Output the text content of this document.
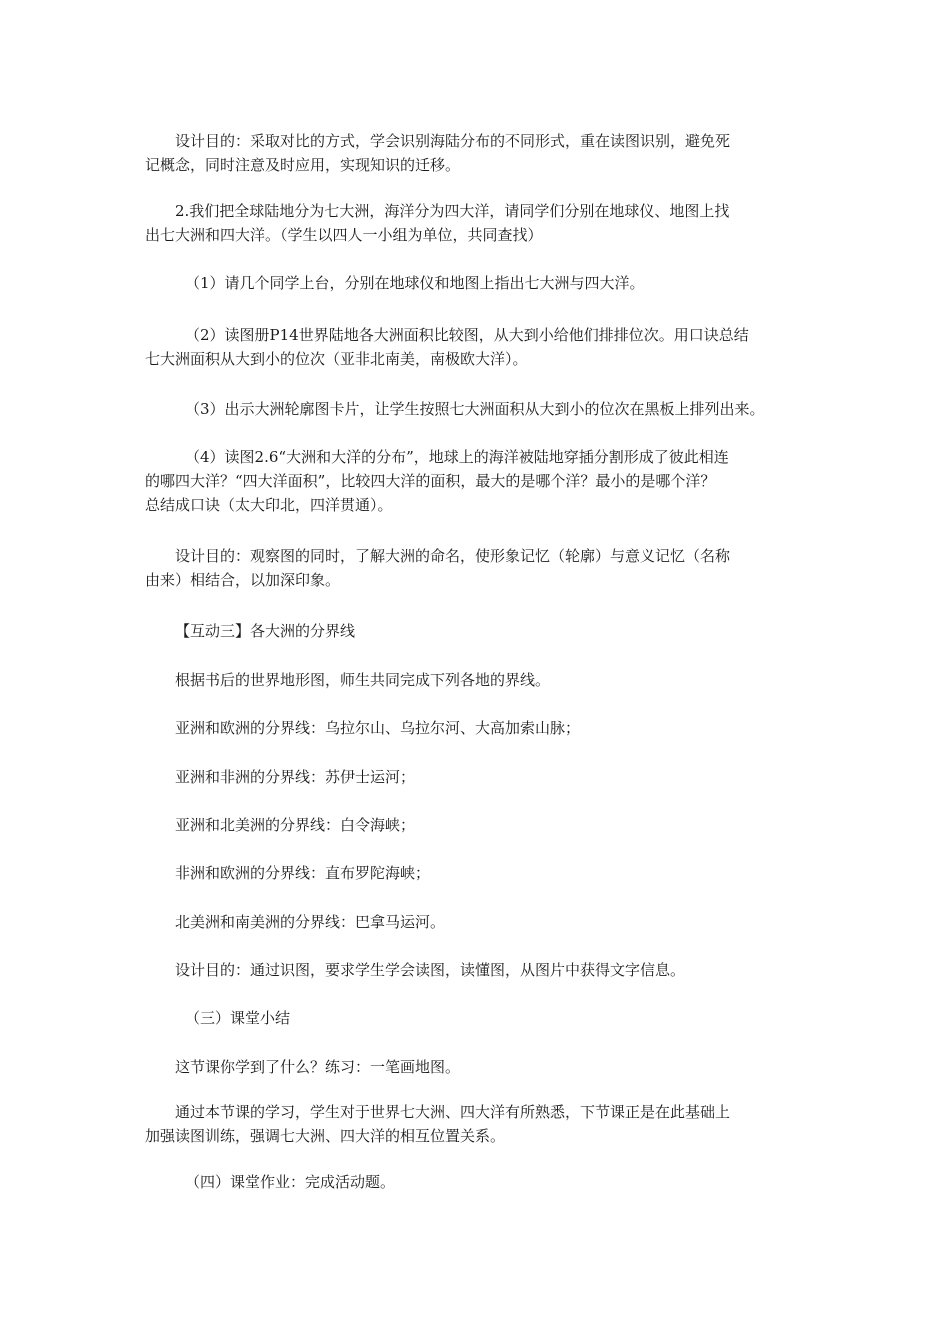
设计目的：采取对比的方式，学会识别海陆分布的不同形式，重在读图识别，避免死
记概念，同时注意及时应用，实现知识的迁移。

2.我们把全球陆地分为七大洲，海洋分为四大洋，请同学们分别在地球仪、地图上找
出七大洲和四大洋。（学生以四人一小组为单位，共同查找）

（1）请几个同学上台，分别在地球仪和地图上指出七大洲与四大洋。

（2）读图册P14世界陆地各大洲面积比较图，从大到小给他们排排位次。用口诀总结
七大洲面积从大到小的位次（亚非北南美，南极欧大洋）。

（3）出示大洲轮廓图卡片，让学生按照七大洲面积从大到小的位次在黑板上排列出来。

（4）读图2.6“大洲和大洋的分布”，地球上的海洋被陆地穿插分割形成了彼此相连
的哪四大洋？“四大洋面积”，比较四大洋的面积，最大的是哪个洋？最小的是哪个洋？
总结成口诀（太大印北，四洋贯通）。

设计目的：观察图的同时，了解大洲的命名，使形象记忆（轮廓）与意义记忆（名称
由来）相结合，以加深印象。

【互动三】各大洲的分界线

根据书后的世界地形图，师生共同完成下列各地的界线。

亚洲和欧洲的分界线：乌拉尔山、乌拉尔河、大高加索山脉；

亚洲和非洲的分界线：苏伊士运河；

亚洲和北美洲的分界线：白令海峡；

非洲和欧洲的分界线：直布罗陀海峡；

北美洲和南美洲的分界线：巴拿马运河。

设计目的：通过识图，要求学生学会读图，读懂图，从图片中获得文字信息。

（三）课堂小结

这节课你学到了什么？练习：一笔画地图。

通过本节课的学习，学生对于世界七大洲、四大洋有所熟悉，下节课正是在此基础上
加强读图训练，强调七大洲、四大洋的相互位置关系。

（四）课堂作业：完成活动题。
